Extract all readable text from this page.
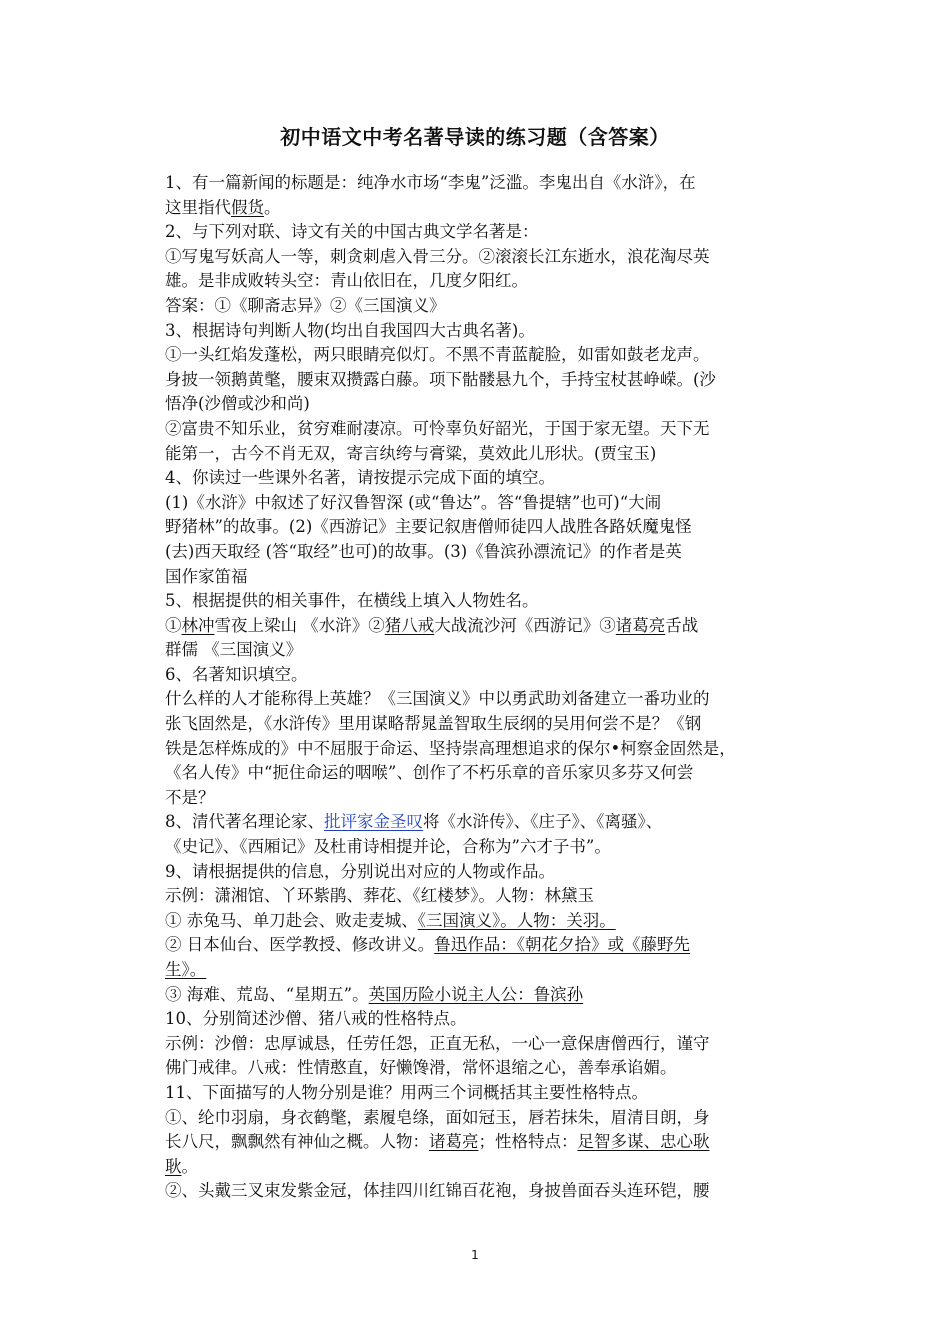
初中语文中考名著导读的练习题（含答案）
1、有一篇新闻的标题是：纯净水市场“李鬼”泛滥。李鬼出自《水浒》，在
这里指代假货。
2、与下列对联、诗文有关的中国古典文学名著是：
①写鬼写妖高人一等，刺贪刺虐入骨三分。②滚滚长江东逝水，浪花淘尽英
雄。是非成败转头空：青山依旧在，几度夕阳红。
答案：①《聊斋志异》②《三国演义》
3、根据诗句判断人物(均出自我国四大古典名著)。
①一头红焰发蓬松，两只眼睛亮似灯。不黑不青蓝靛脸，如雷如鼓老龙声。
身披一领鹅黄氅，腰束双攒露白藤。项下骷髅悬九个，手持宝杖甚峥嵘。(沙
悟净(沙僧或沙和尚)
②富贵不知乐业，贫穷难耐凄凉。可怜辜负好韶光，于国于家无望。天下无
能第一，古今不肖无双，寄言纨绔与膏粱，莫效此儿形状。(贾宝玉)
4、你读过一些课外名著，请按提示完成下面的填空。
(1)《水浒》中叙述了好汉鲁智深 (或“鲁达”。答“鲁提辖”也可)“大闹
野猪林”的故事。(2)《西游记》主要记叙唐僧师徒四人战胜各路妖魔鬼怪
(去)西天取经 (答“取经”也可)的故事。(3)《鲁滨孙漂流记》的作者是英
国作家笛福
5、根据提供的相关事件，在横线上填入人物姓名。
①林冲雪夜上梁山 《水浒》②猪八戒大战流沙河《西游记》③诸葛亮舌战
群儒 《三国演义》
6、名著知识填空。
什么样的人才能称得上英雄？《三国演义》中以勇武助刘备建立一番功业的
张飞固然是，《水浒传》里用谋略帮晁盖智取生辰纲的吴用何尝不是？《钢
铁是怎样炼成的》中不屈服于命运、坚持崇高理想追求的保尔•柯察金固然是，
《名人传》中“扼住命运的咽喉”、创作了不朽乐章的音乐家贝多芬又何尝
不是？
8、清代著名理论家、批评家金圣叹将《水浒传》、《庄子》、《离骚》、
《史记》、《西厢记》及杜甫诗相提并论，合称为”六才子书”。
9、请根据提供的信息，分别说出对应的人物或作品。
示例：潇湘馆、丫环紫鹃、葬花、《红楼梦》。人物：林黛玉
① 赤兔马、单刀赴会、败走麦城、《三国演义》。人物：关羽。
② 日本仙台、医学教授、修改讲义。鲁迅作品：《朝花夕拾》或《藤野先
生》。
③ 海难、荒岛、“星期五”。英国历险小说主人公：鲁滨孙
10、分别简述沙僧、猪八戒的性格特点。
示例：沙僧：忠厚诚恳，任劳任怨，正直无私，一心一意保唐僧西行，谨守
佛门戒律。八戒：性情憨直，好懒馋滑，常怀退缩之心，善奉承谄媚。
11、下面描写的人物分别是谁？用两三个词概括其主要性格特点。
①、纶巾羽扇，身衣鹤氅，素履皂绦，面如冠玉，唇若抹朱，眉清目朗，身
长八尺，飘飘然有神仙之概。人物：诸葛亮；性格特点：足智多谋、忠心耿
耿。
②、头戴三叉束发紫金冠，体挂四川红锦百花袍，身披兽面吞头连环铠，腰
1
